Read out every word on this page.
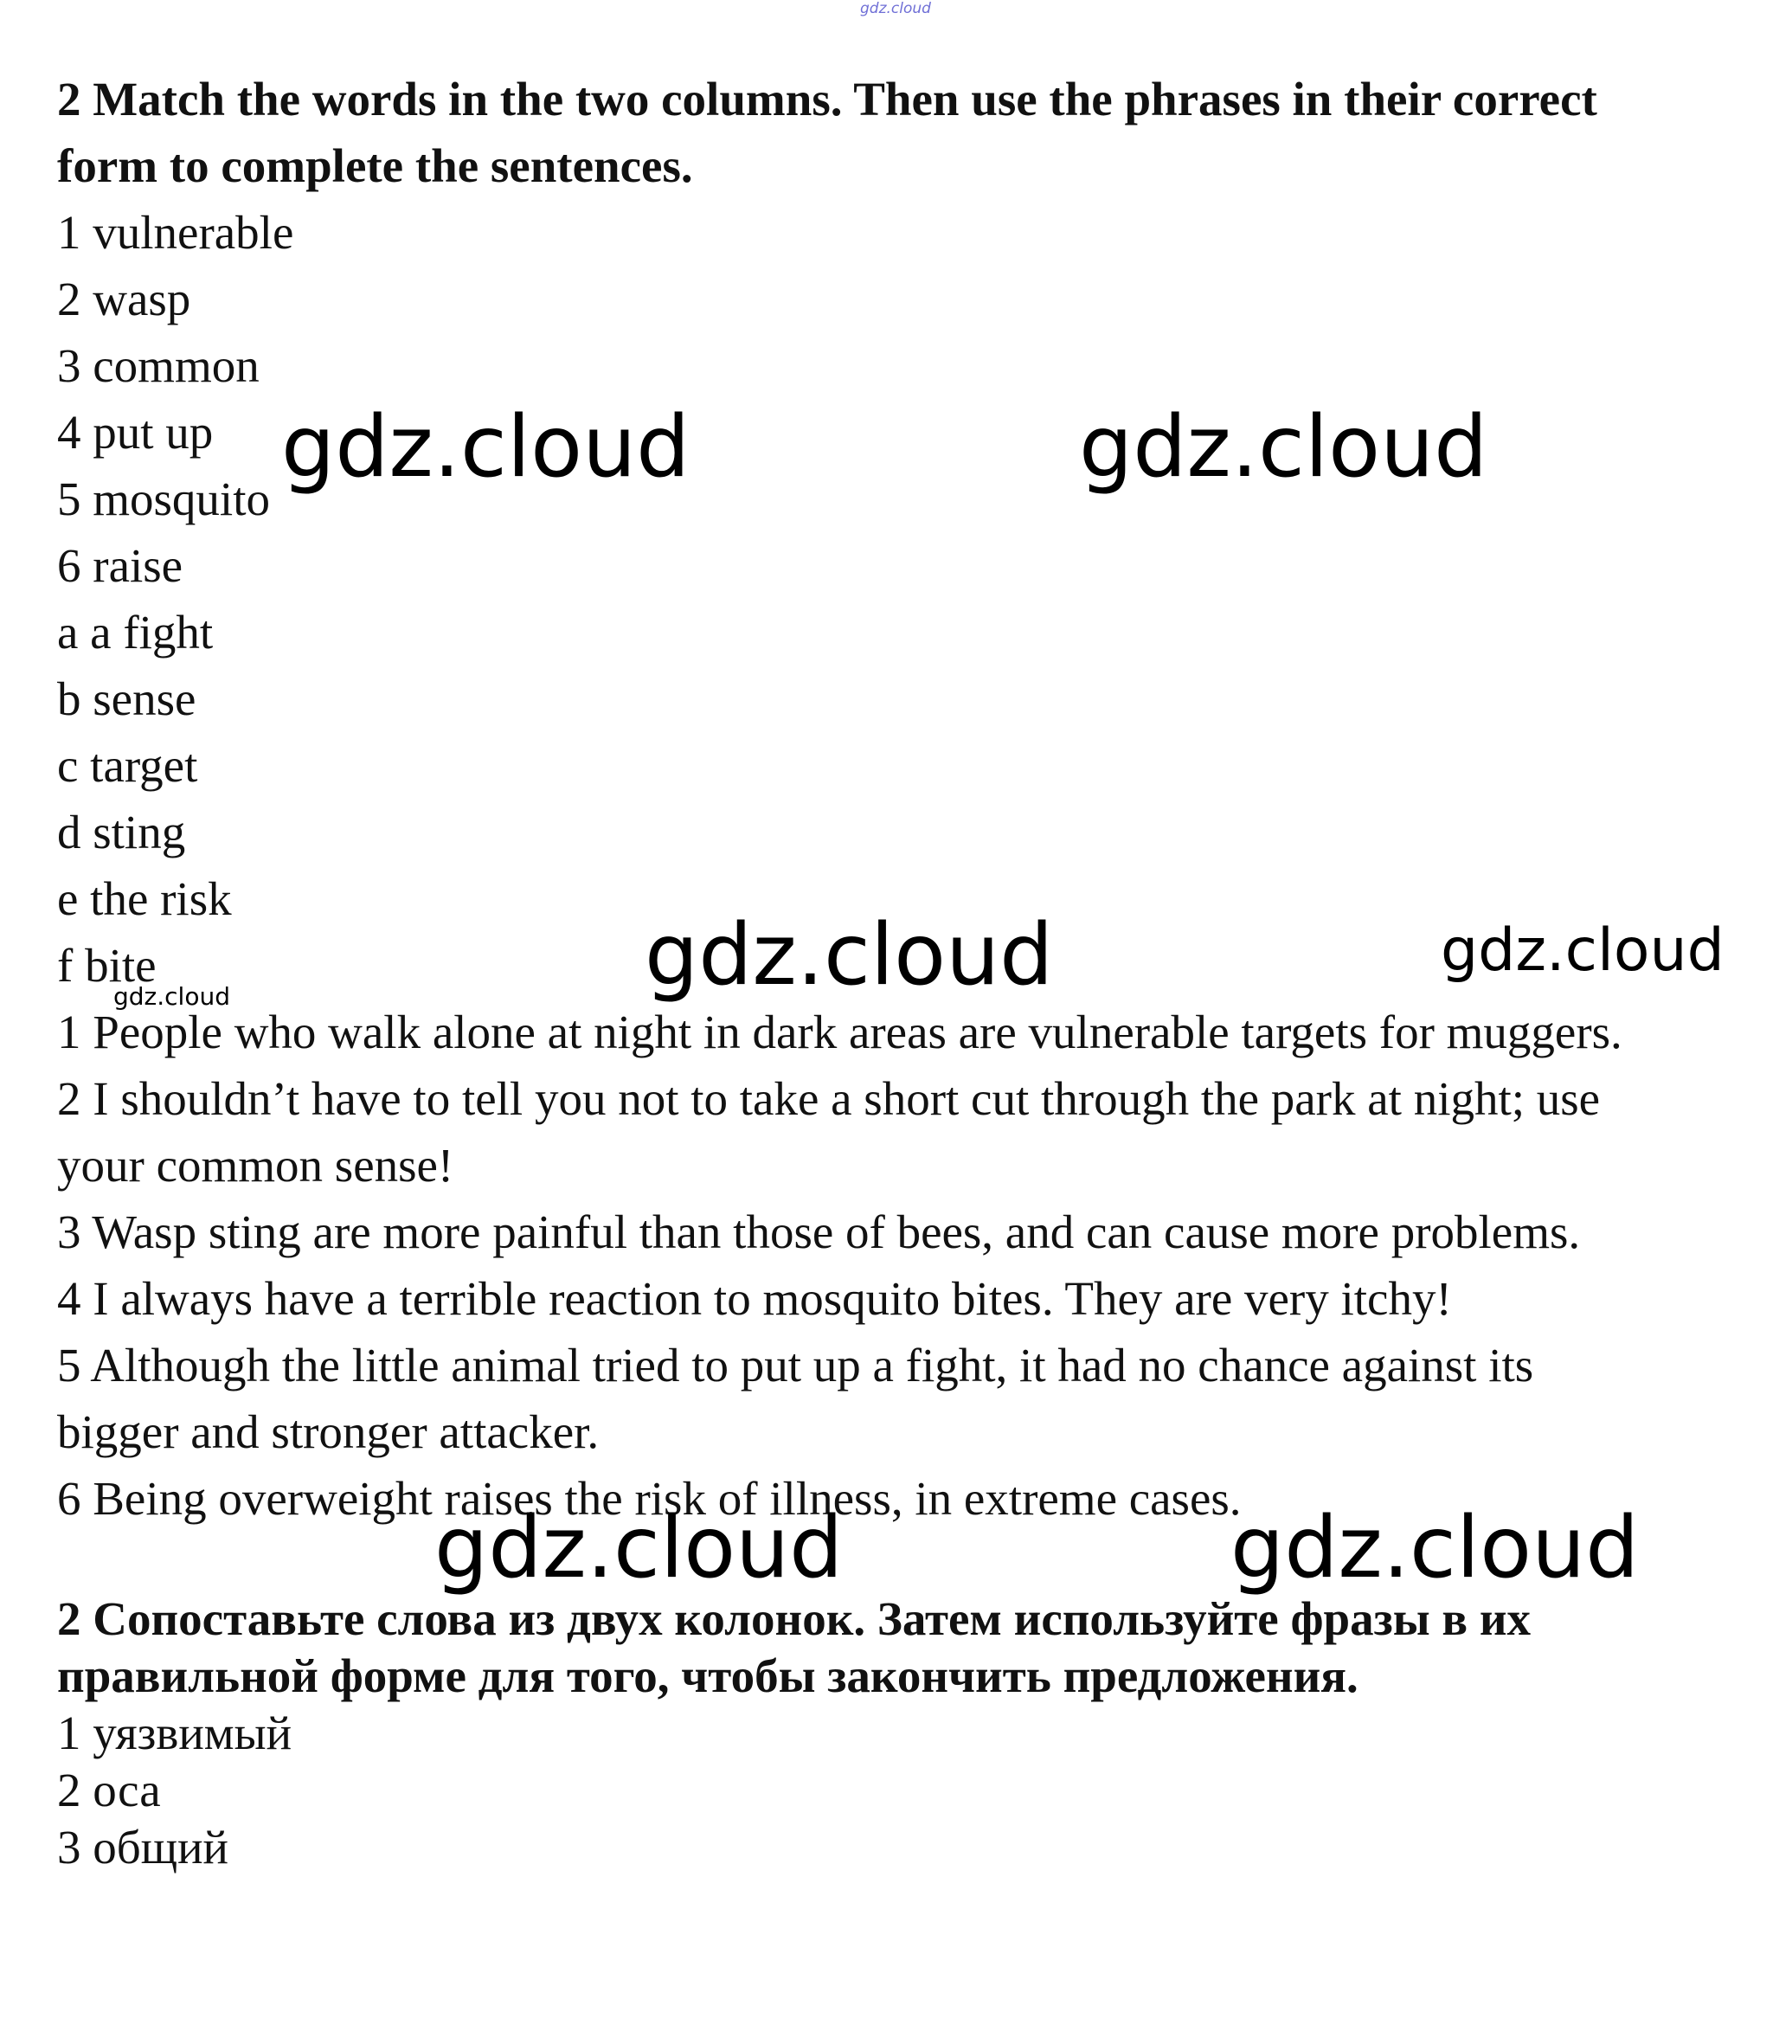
gdz.cloud

2 Match the words in the two columns. Then use the phrases in their correct

form to complete the sentences.

1 vulnerable

2 wasp

3 common

4 put up

5 mosquito

6 raise

a a fight

b sense

c target

d sting

e the risk

f bite

1 People who walk alone at night in dark areas are vulnerable targets for muggers.

2 I shouldn’t have to tell you not to take a short cut through the park at night; use

your common sense!

3 Wasp sting are more painful than those of bees, and can cause more problems.

4 I always have a terrible reaction to mosquito bites. They are very itchy!

5 Although the little animal tried to put up a fight, it had no chance against its

bigger and stronger attacker.

6 Being overweight raises the risk of illness, in extreme cases.

2 Сопоставьте слова из двух колонок. Затем используйте фразы в их

правильной форме для того, чтобы закончить предложения.

1 уязвимый

2 оса

3 общий

gdz.cloud	gdz.cloud
gdz.cloud	gdz.cloud
gdz.cloud
gdz.cloud	gdz.cloud
